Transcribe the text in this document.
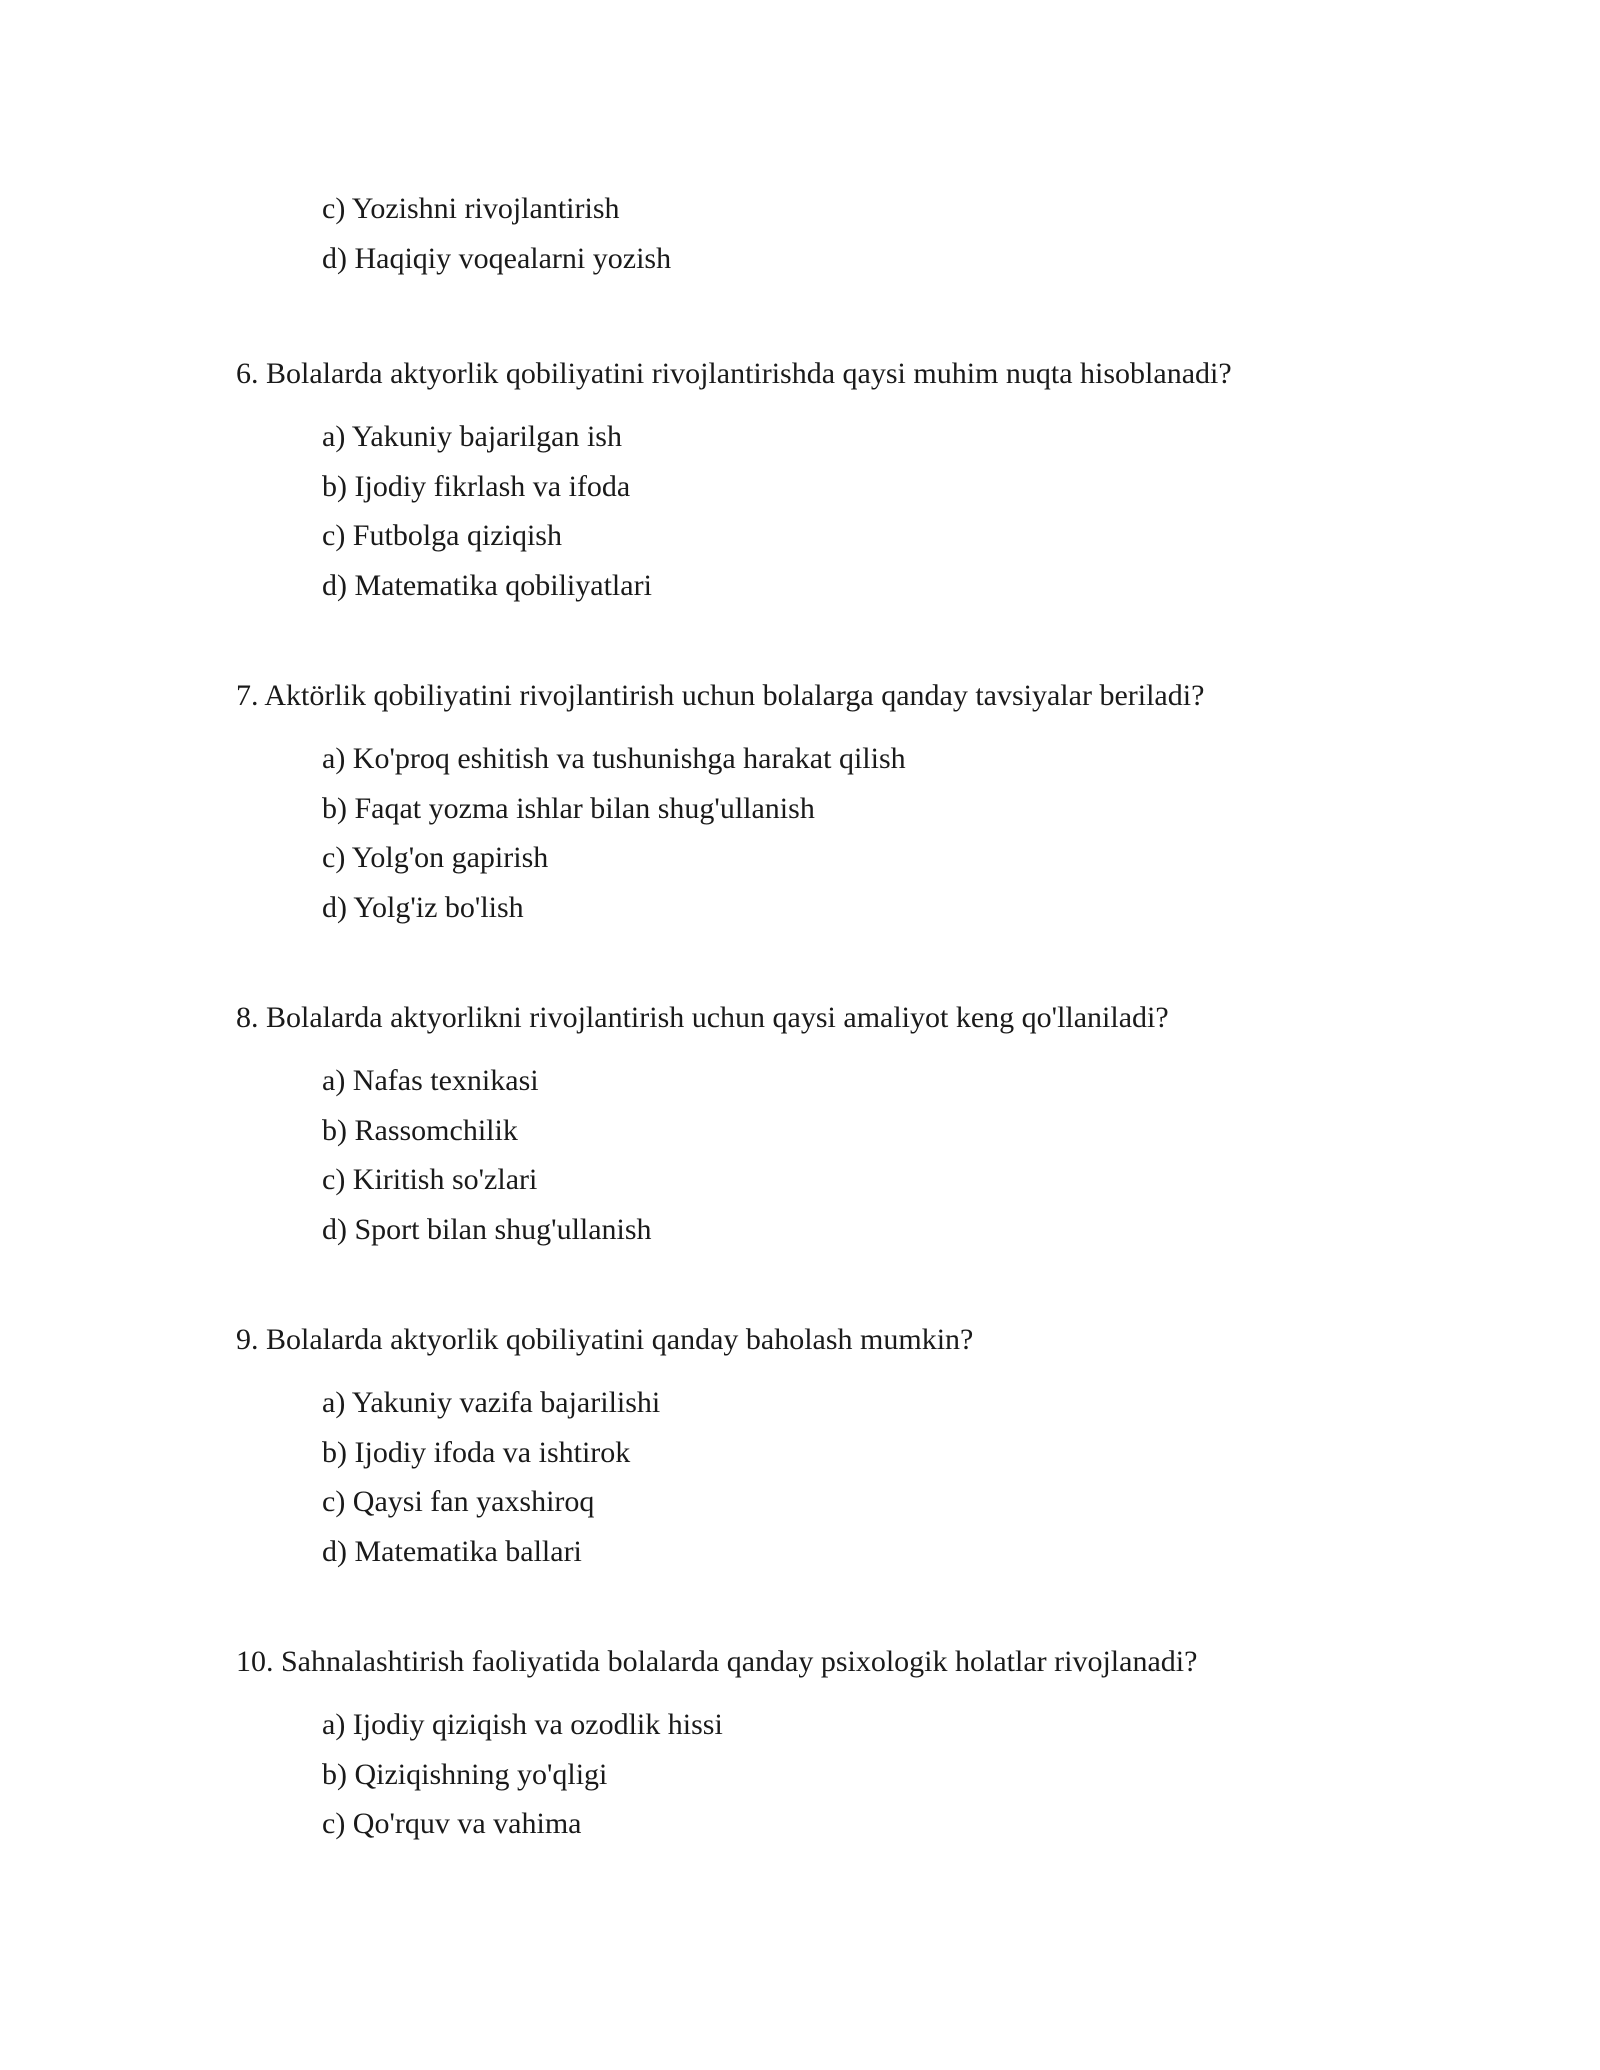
c) Yozishni rivojlantirish
d) Haqiqiy voqealarni yozish

6. Bolalarda aktyorlik qobiliyatini rivojlantirishda qaysi muhim nuqta hisoblanadi?

a) Yakuniy bajarilgan ish
b) Ijodiy fikrlash va ifoda
c) Futbolga qiziqish
d) Matematika qobiliyatlari

7. Aktörlik qobiliyatini rivojlantirish uchun bolalarga qanday tavsiyalar beriladi?

a) Ko'proq eshitish va tushunishga harakat qilish
b) Faqat yozma ishlar bilan shug'ullanish
c) Yolg'on gapirish
d) Yolg'iz bo'lish

8. Bolalarda aktyorlikni rivojlantirish uchun qaysi amaliyot keng qo'llaniladi?

a) Nafas texnikasi
b) Rassomchilik
c) Kiritish so'zlari
d) Sport bilan shug'ullanish

9. Bolalarda aktyorlik qobiliyatini qanday baholash mumkin?

a) Yakuniy vazifa bajarilishi
b) Ijodiy ifoda va ishtirok
c) Qaysi fan yaxshiroq
d) Matematika ballari

10. Sahnalashtirish faoliyatida bolalarda qanday psixologik holatlar rivojlanadi?

a) Ijodiy qiziqish va ozodlik hissi
b) Qiziqishning yo'qligi
c) Qo'rquv va vahima
